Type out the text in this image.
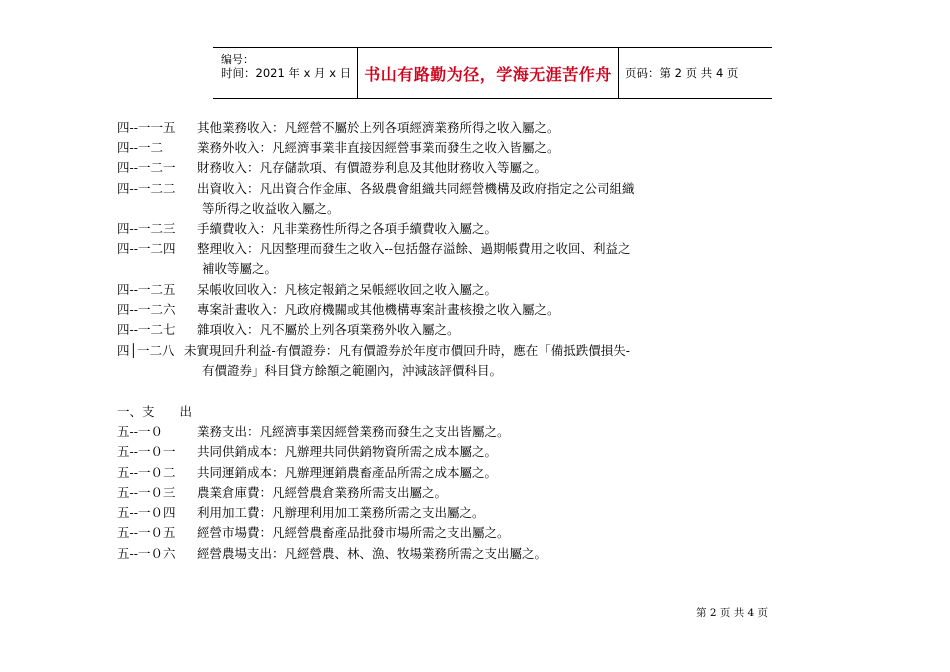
编号：
时间：2021 年 x 月 x 日 书山有路勤为径，学海无涯苦作舟 页码：第 2 页 共 4 页
四--一一五 其他業務收入：凡經營不屬於上列各項經濟業務所得之收入屬之。
四--一二	業務外收入：凡經濟事業非直接因經營事業而發生之收入皆屬之。
四--一二一 財務收入：凡存儲款項、有價證券利息及其他財務收入等屬之。
四--一二二 出資收入：凡出資合作金庫、各級農會組織共同經營機構及政府指定之公司組織
等所得之收益收入屬之。
四--一二三 手續費收入：凡非業務性所得之各項手續費收入屬之。
四--一二四 整理收入：凡因整理而發生之收入--包括盤存溢餘、過期帳費用之收回、利益之
補收等屬之。
四--一二五 呆帳收回收入：凡核定報銷之呆帳經收回之收入屬之。
四--一二六 專案計畫收入：凡政府機關或其他機構專案計畫核撥之收入屬之。
四--一二七 雜項收入：凡不屬於上列各項業務外收入屬之。
四│一二八 未實現回升利益-有價證券：凡有價證券於年度市價回升時，應在「備抵跌價損失-
有價證券」科目貸方餘額之範圍內，沖減該評價科目。
一、支　　出
五--一０	業務支出：凡經濟事業因經營業務而發生之支出皆屬之。
五--一０一 共同供銷成本：凡辦理共同供銷物資所需之成本屬之。
五--一０二 共同運銷成本：凡辦理運銷農畜產品所需之成本屬之。
五--一０三 農業倉庫費：凡經營農倉業務所需支出屬之。
五--一０四 利用加工費：凡辦理利用加工業務所需之支出屬之。
五--一０五 經營市場費：凡經營農畜產品批發市場所需之支出屬之。
五--一０六 經營農場支出：凡經營農、林、漁、牧場業務所需之支出屬之。
第 2 页 共 4 页
